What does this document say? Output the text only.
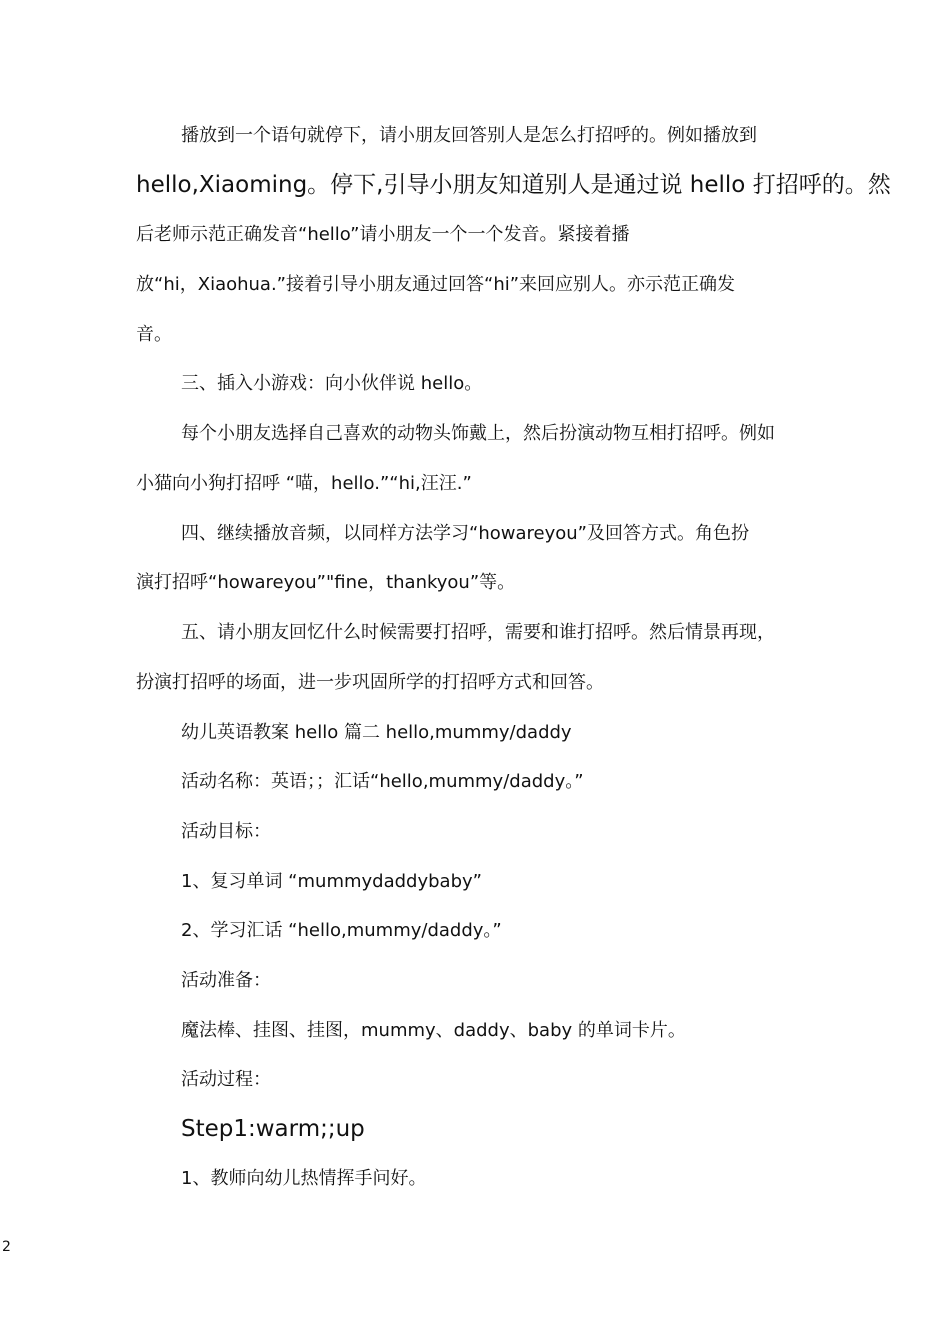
播放到一个语句就停下，请小朋友回答别人是怎么打招呼的。例如播放到
hello,Xiaoming。停下,引导小朋友知道别人是通过说 hello 打招呼的。然
后老师示范正确发音“hello”请小朋友一个一个发音。紧接着播
放“hi，Xiaohua.”接着引导小朋友通过回答“hi”来回应别人。亦示范正确发
音。
三、插入小游戏：向小伙伴说 hello。
每个小朋友选择自己喜欢的动物头饰戴上，然后扮演动物互相打招呼。例如
小猫向小狗打招呼 “喵，hello.”“hi,汪汪.”
四、继续播放音频，以同样方法学习“howareyou”及回答方式。角色扮
演打招呼“howareyou”"fine，thankyou”等。
五、请小朋友回忆什么时候需要打招呼，需要和谁打招呼。然后情景再现，
扮演打招呼的场面，进一步巩固所学的打招呼方式和回答。
幼儿英语教案 hello 篇二 hello,mummy/daddy
活动名称：英语；；汇话“hello,mummy/daddy。”
活动目标：
1、复习单词 “mummydaddybaby”
2、学习汇话 “hello,mummy/daddy。”
活动准备：
魔法棒、挂图、挂图，mummy、daddy、baby 的单词卡片。
活动过程：
Step1:warm;;up
1、教师向幼儿热情挥手问好。
2
